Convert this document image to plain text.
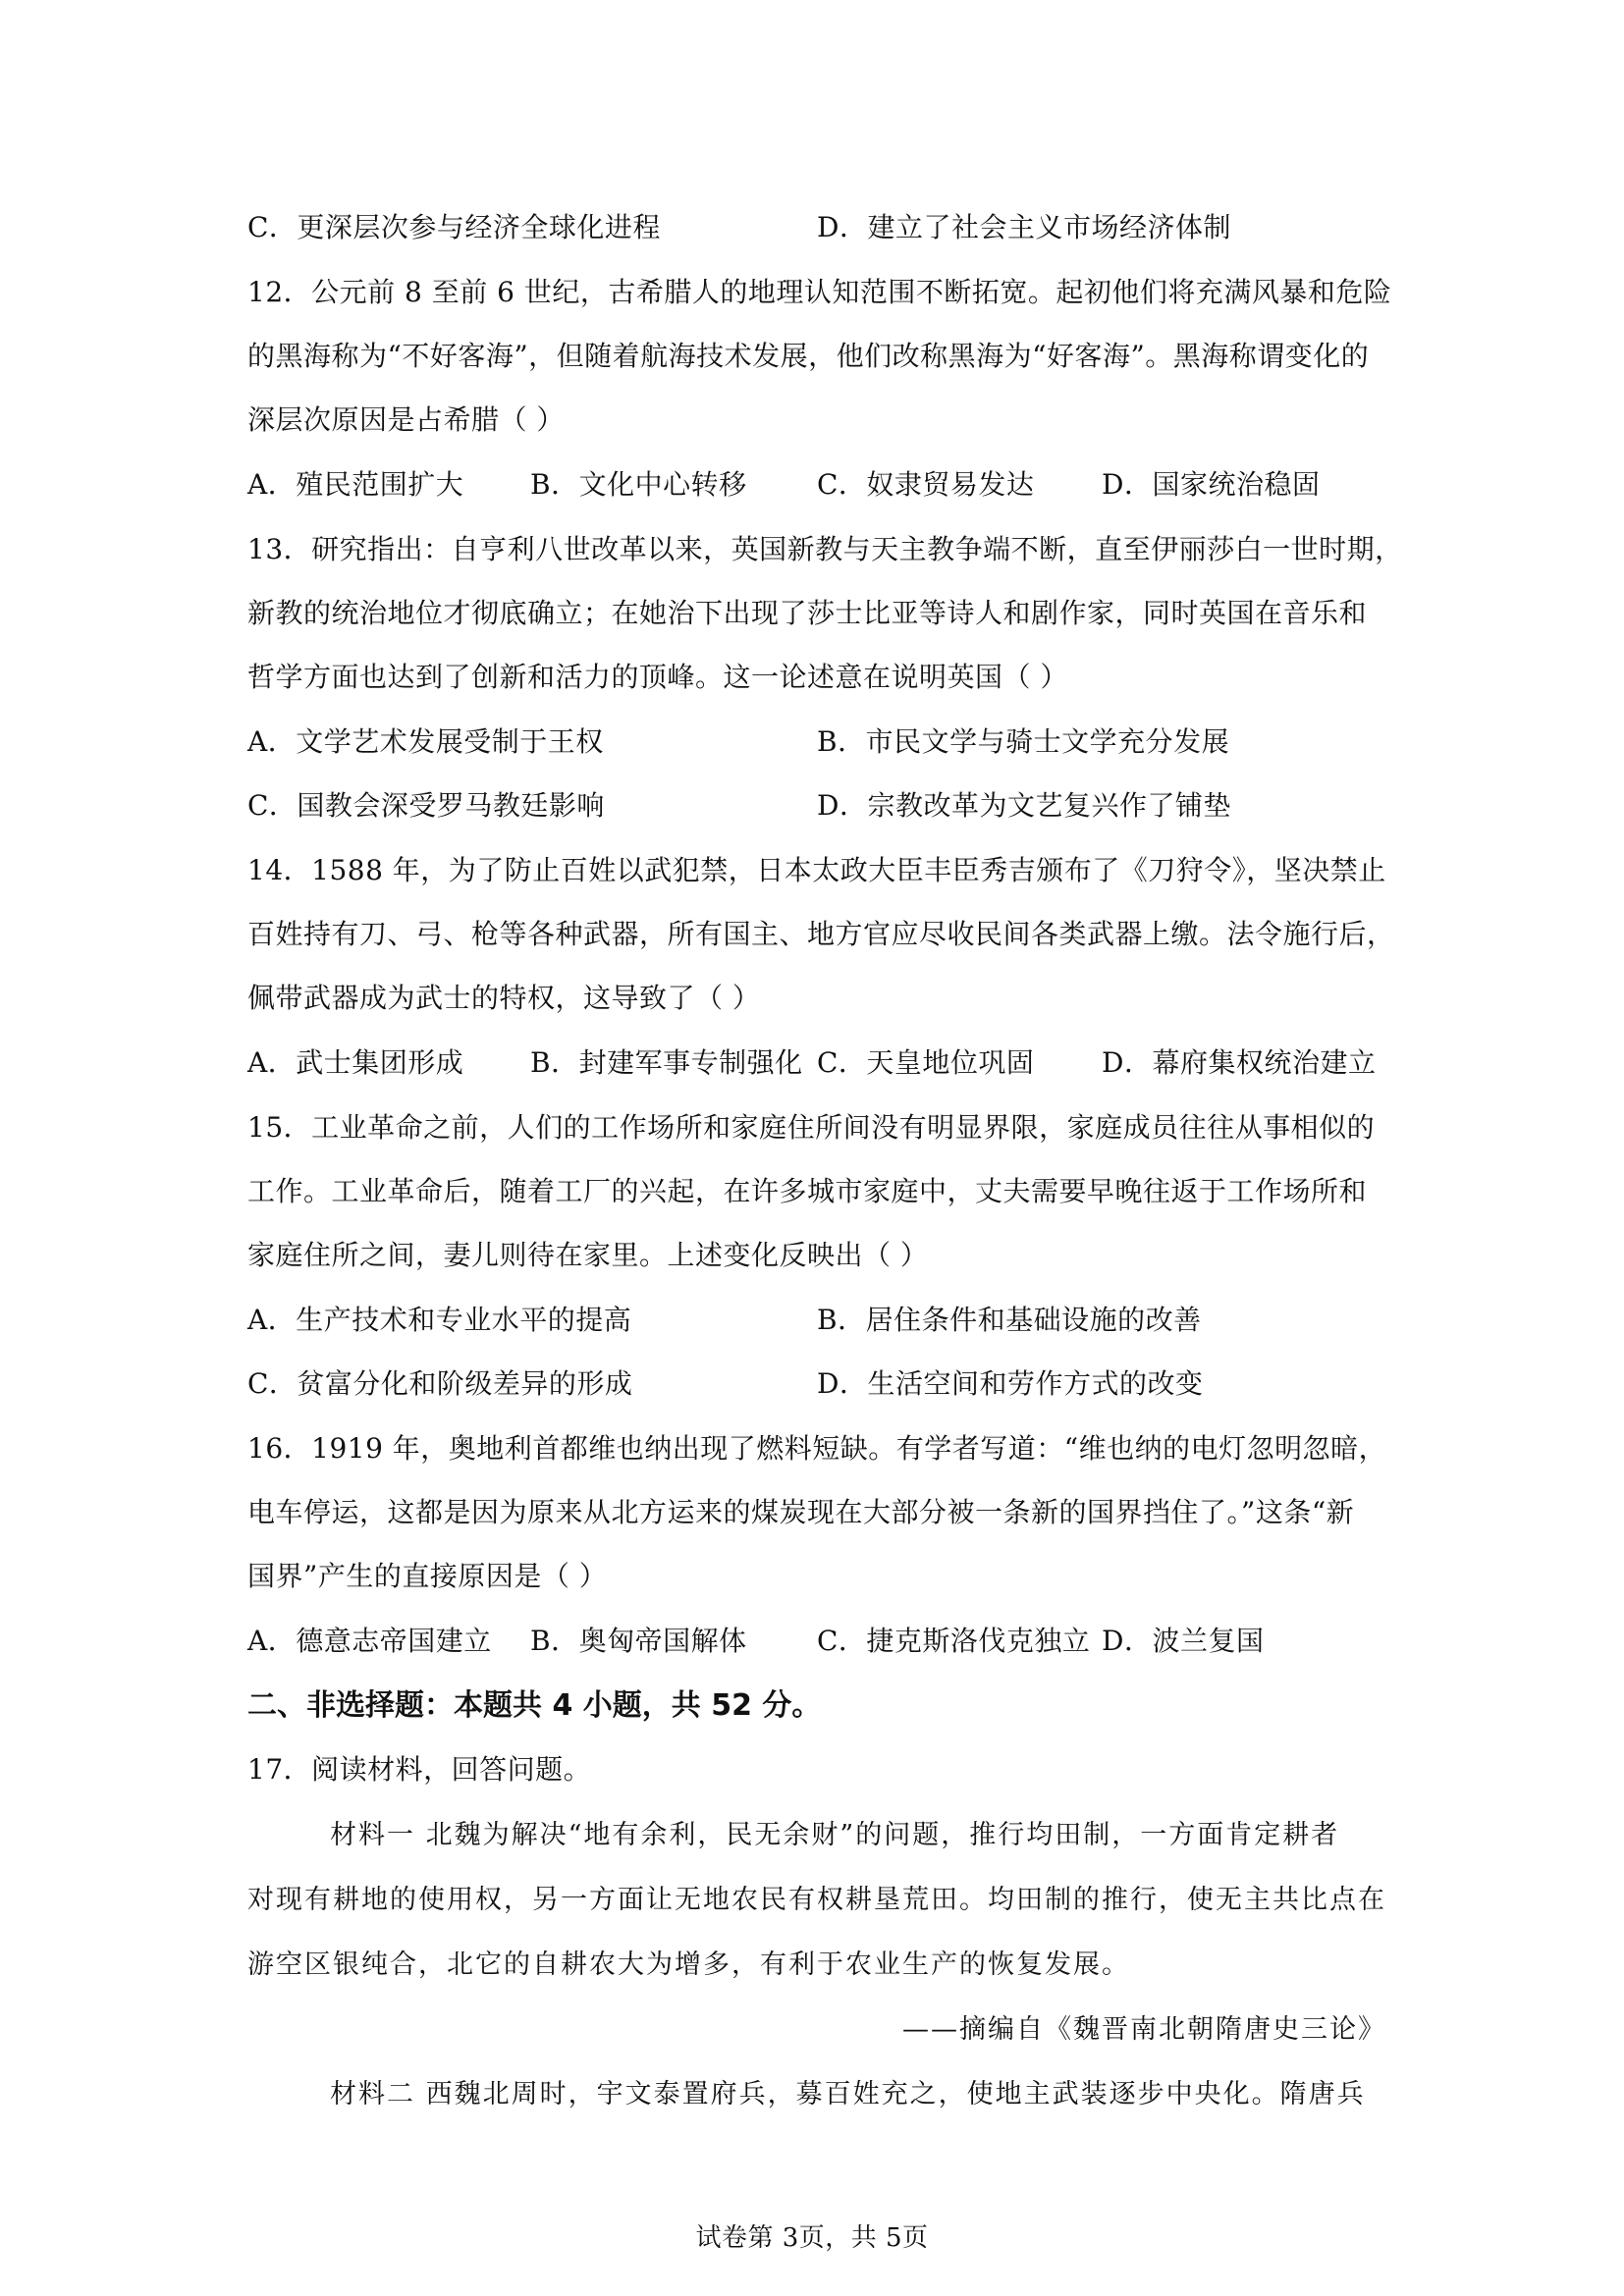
C．更深层次参与经济全球化进程	D．建立了社会主义市场经济体制
12．公元前 8 至前 6 世纪，古希腊人的地理认知范围不断拓宽。起初他们将充满风暴和危险
的黑海称为“不好客海”，但随着航海技术发展，他们改称黑海为“好客海”。黑海称谓变化的
深层次原因是占希腊（ ）
A．殖民范围扩大 B．文化中心转移	C．奴隶贸易发达 D．国家统治稳固
13．研究指出：自亨利八世改革以来，英国新教与天主教争端不断，直至伊丽莎白一世时期，
新教的统治地位才彻底确立；在她治下出现了莎士比亚等诗人和剧作家，同时英国在音乐和
哲学方面也达到了创新和活力的顶峰。这一论述意在说明英国（ ）
A．文学艺术发展受制于王权	B．市民文学与骑士文学充分发展
C．国教会深受罗马教廷影响	D．宗教改革为文艺复兴作了铺垫
14．1588 年，为了防止百姓以武犯禁，日本太政大臣丰臣秀吉颁布了《刀狩令》，坚决禁止
百姓持有刀、弓、枪等各种武器，所有国主、地方官应尽收民间各类武器上缴。法令施行后，
佩带武器成为武士的特权，这导致了（ ）
A．武士集团形成 B．封建军事专制强化 C．天皇地位巩固 D．幕府集权统治建立
15．工业革命之前，人们的工作场所和家庭住所间没有明显界限，家庭成员往往从事相似的
工作。工业革命后，随着工厂的兴起，在许多城市家庭中，丈夫需要早晚往返于工作场所和
家庭住所之间，妻儿则待在家里。上述变化反映出（ ）
A．生产技术和专业水平的提高	B．居住条件和基础设施的改善
C．贫富分化和阶级差异的形成	D．生活空间和劳作方式的改变
16．1919 年，奥地利首都维也纳出现了燃料短缺。有学者写道：“维也纳的电灯忽明忽暗，
电车停运，这都是因为原来从北方运来的煤炭现在大部分被一条新的国界挡住了。”这条“新
国界”产生的直接原因是（ ）
A．德意志帝国建立 B．奥匈帝国解体	C．捷克斯洛伐克独立 D．波兰复国
二、非选择题：本题共 4 小题，共 52 分。
17．阅读材料，回答问题。
材料一 北魏为解决“地有余利，民无余财”的问题，推行均田制，一方面肯定耕者
对现有耕地的使用权，另一方面让无地农民有权耕垦荒田。均田制的推行，使无主共比点在
游空区银纯合，北它的自耕农大为增多，有利于农业生产的恢复发展。
——摘编自《魏晋南北朝隋唐史三论》
材料二 西魏北周时，宇文泰置府兵，募百姓充之，使地主武装逐步中央化。隋唐兵
试卷第 3页，共 5页
